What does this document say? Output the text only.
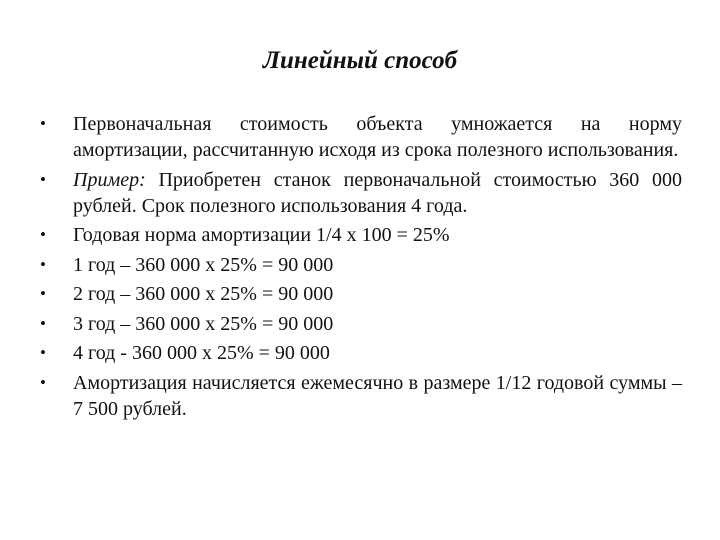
Линейный способ
•	Первоначальная стоимость объекта умножается на норму амортизации, рассчитанную исходя из срока полезного использования.
•	Пример: Приобретен станок первоначальной стоимостью 360 000 рублей. Срок полезного использования 4 года.
•	Годовая норма амортизации 1/4 х 100 = 25%
•	1 год – 360 000 х 25% = 90 000
•	2 год – 360 000 х 25% = 90 000
•	3 год – 360 000 х 25% = 90 000
•	4 год - 360 000 х 25% = 90 000
•	Амортизация начисляется ежемесячно в размере 1/12 годовой суммы – 7 500 рублей.
